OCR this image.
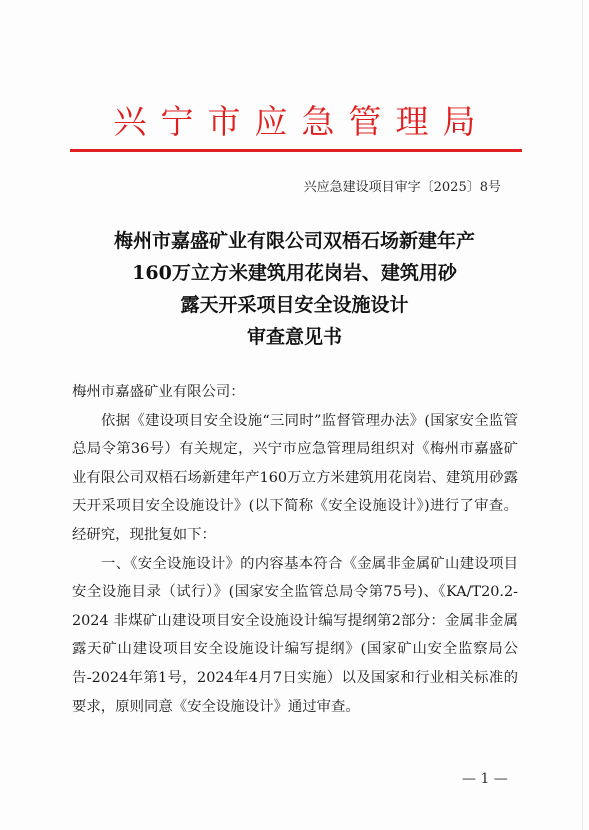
兴宁市应急管理局
兴应急建设项目审字〔2025〕8号
梅州市嘉盛矿业有限公司双梧石场新建年产
160万立方米建筑用花岗岩、建筑用砂
露天开采项目安全设施设计
审查意见书

梅州市嘉盛矿业有限公司：

依据《建设项目安全设施“三同时”监督管理办法》(国家安全监管总局令第36号）有关规定，兴宁市应急管理局组织对《梅州市嘉盛矿业有限公司双梧石场新建年产160万立方米建筑用花岗岩、建筑用砂露天开采项目安全设施设计》(以下简称《安全设施设计》)进行了审查。经研究，现批复如下：

一、《安全设施设计》的内容基本符合《金属非金属矿山建设项目安全设施目录（试行）》(国家安全监管总局令第75号)、《KA/T20.2-2024 非煤矿山建设项目安全设施设计编写提纲第2部分：金属非金属露天矿山建设项目安全设施设计编写提纲》(国家矿山安全监察局公告-2024年第1号，2024年4月7日实施）以及国家和行业相关标准的要求，原则同意《安全设施设计》通过审查。

— 1 —
